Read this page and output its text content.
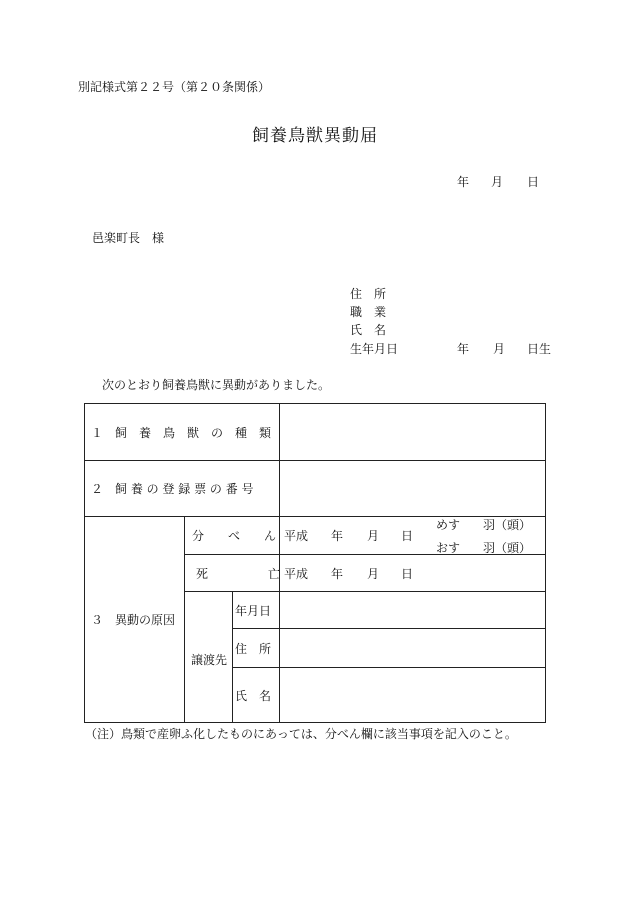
別記様式第２２号（第２０条関係）
飼養鳥獣異動届
年 月 日
邑楽町長　様
住　所
職　業
氏　名
生年月日	年 月 日生
次のとおり飼養鳥獣に異動がありました。
１　飼　養　鳥　獣　の　種　類
２　飼 養 の 登 録 票 の 番 号
３　異動の原因
分　　べ　　ん 平成 年 月 日
めす 羽（頭）
おす 羽（頭）
死　　　　　亡 平成 年 月 日
譲渡先
年月日
住　所
氏　名
（注）鳥類で産卵ふ化したものにあっては、分べん欄に該当事項を記入のこと。
